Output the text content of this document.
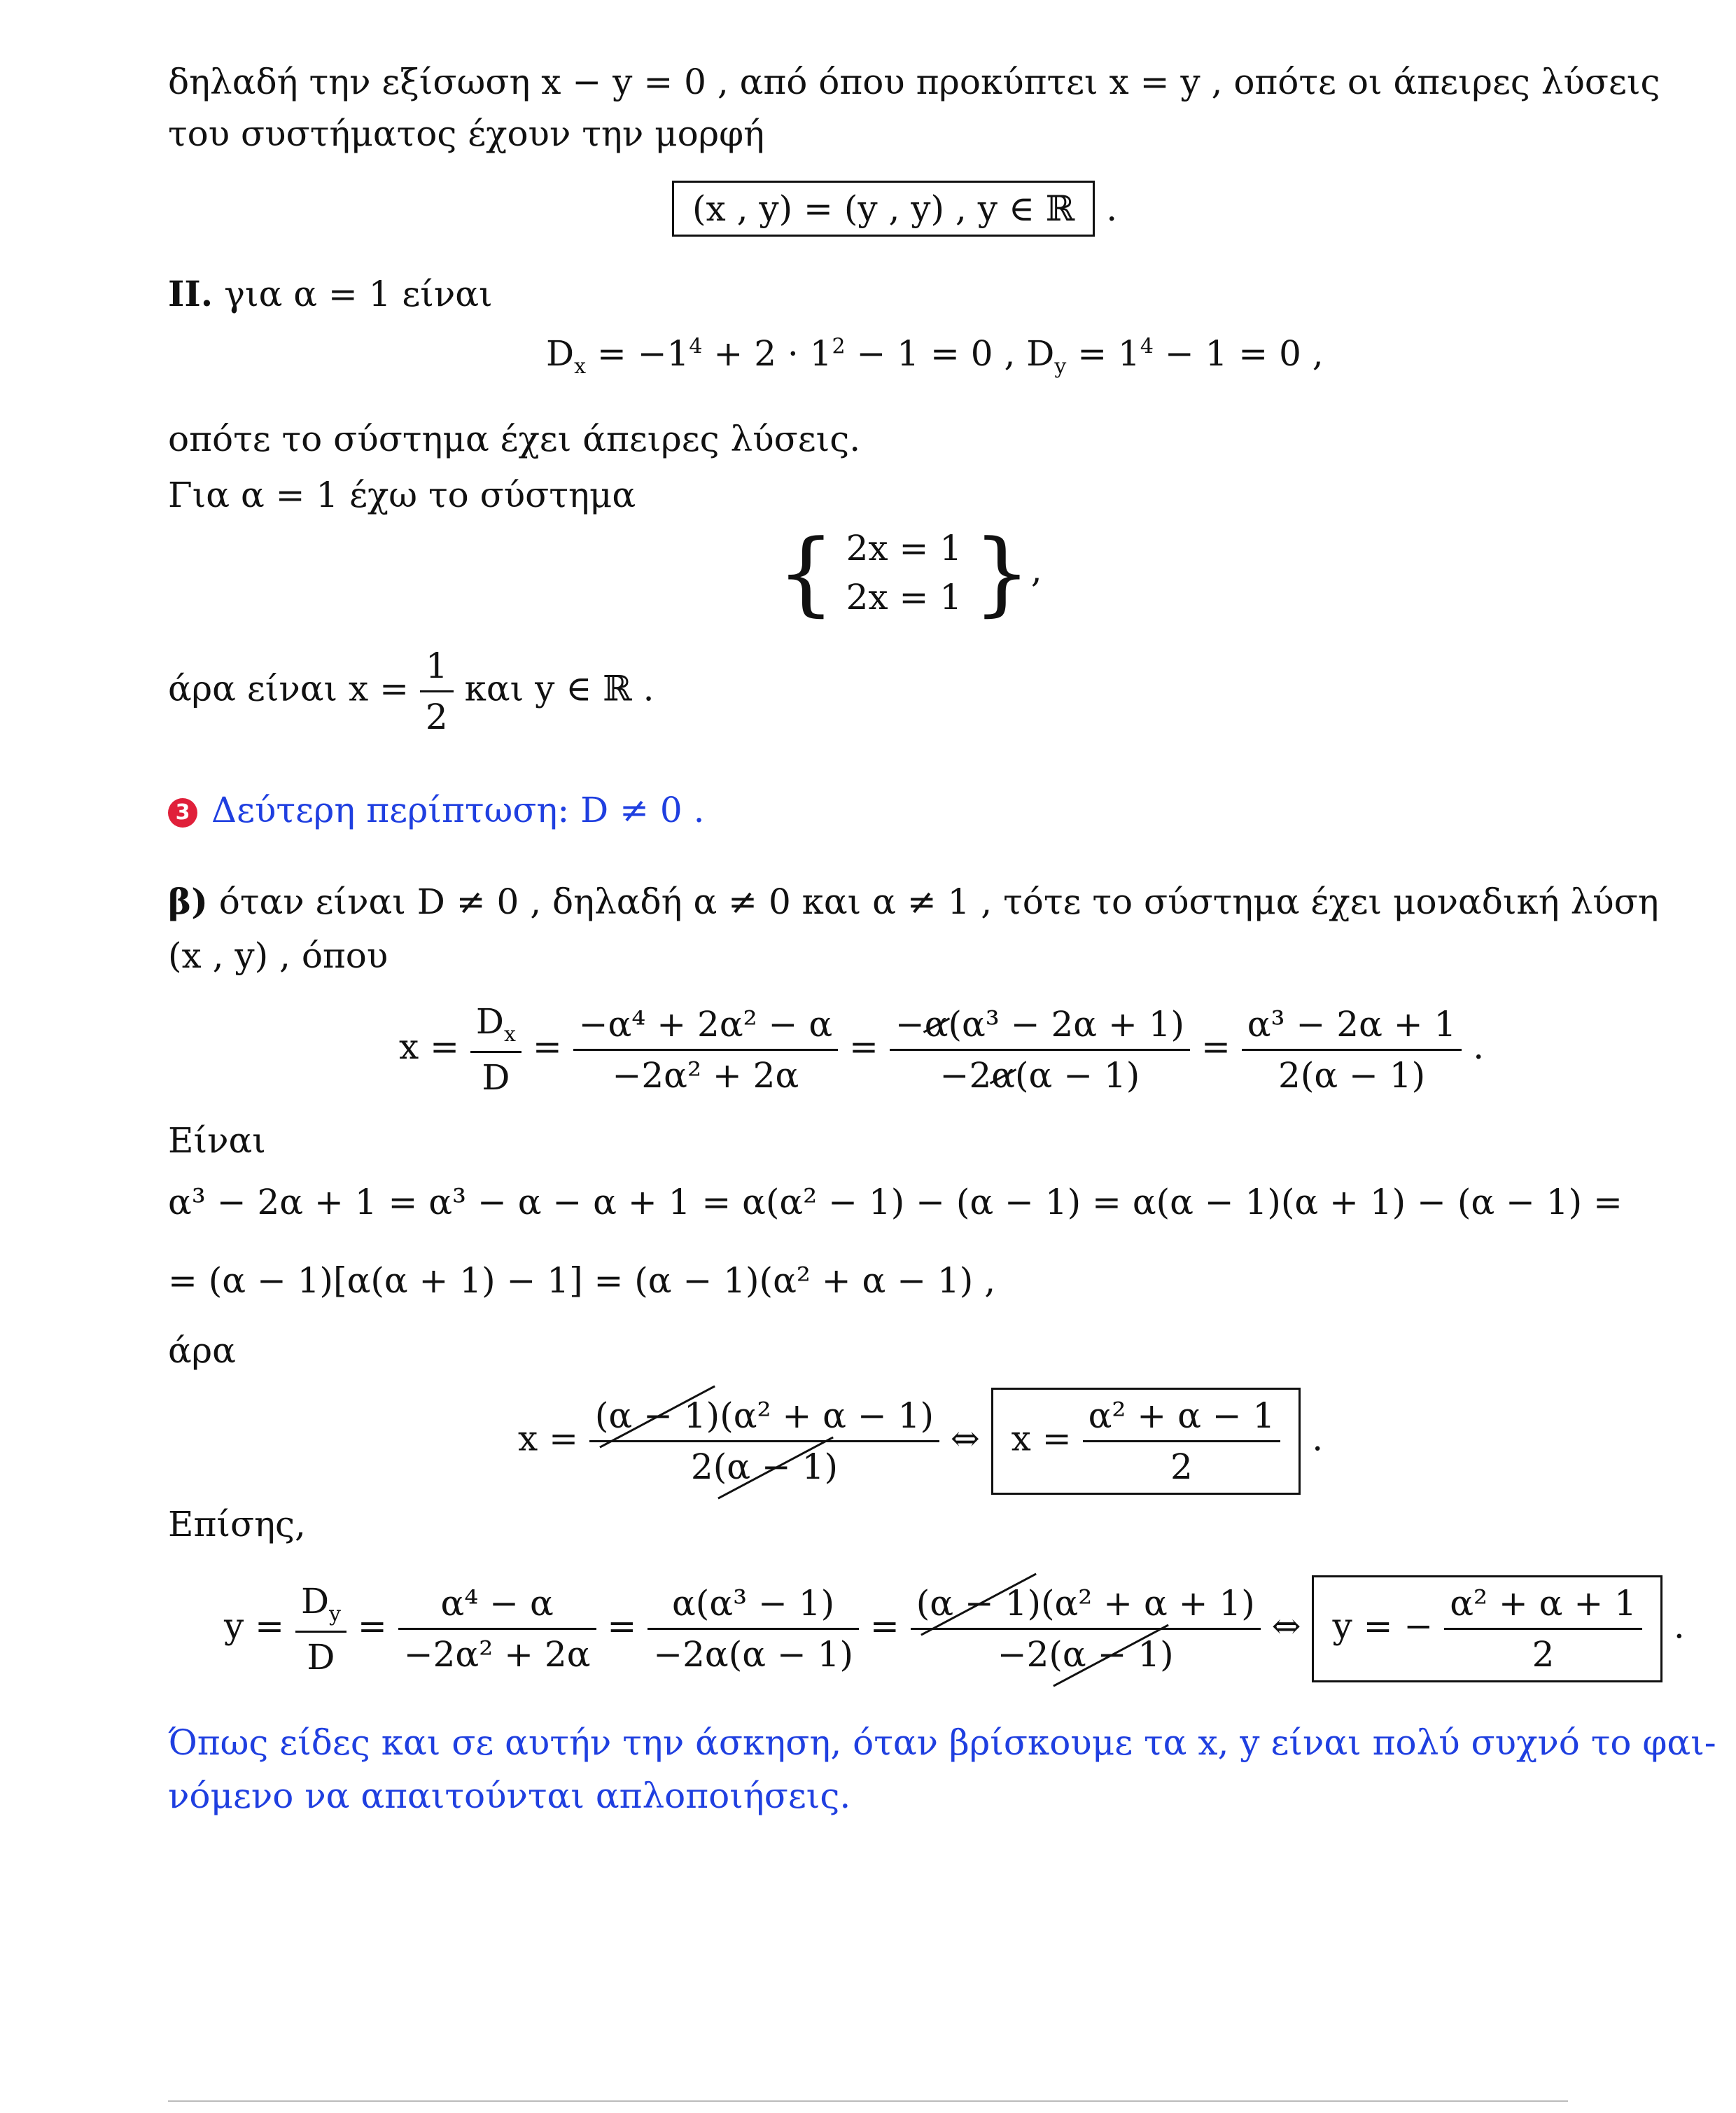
δηλαδή την εξίσωση x − y = 0 , από όπου προκύπτει x = y , οπότε οι άπειρες λύσεις
του συστήματος έχουν την μορφή
(x , y) = (y , y) , y ∈ ℝ .
ΙΙ. για α = 1 είναι
$D_x = -1^4 + 2 \cdot 1^2 - 1 = 0$ , $D_y = 1^4 - 1 = 0$ ,
οπότε το σύστημα έχει άπειρες λύσεις.
Για α = 1 έχω το σύστημα
{ 2x = 1
2x = 1 },
άρα είναι $x = \frac{1}{2}$ και y ∈ ℝ .
3 Δεύτερη περίπτωση: D ≠ 0 .
β) όταν είναι D ≠ 0 , δηλαδή α ≠ 0 και α ≠ 1 , τότε το σύστημα έχει μοναδική λύση
(x , y) , όπου
$x = \frac{D_x}{D} = \frac{\text{−α⁴ + 2α² − α}}{\text{−2α² + 2α}} = \frac{\text{−α(α³ − 2α + 1)}}{-2\alpha(\alpha - 1)} = \frac{\text{α³ − 2α + 1}}{2(\alpha - 1)}$ .
Είναι
α³ − 2α + 1 = α³ − α − α + 1 = α(α² − 1) − (α − 1) = α(α − 1)(α + 1) − (α − 1) =
= (α − 1)[α(α + 1) − 1] = (α − 1)(α² + α − 1) ,
άρα
$x = \frac{\text{(α − 1)(α² + α − 1)}}{2(\alpha - 1)}$ ⇔ $x = \frac{\text{α² + α − 1}}{2}$ .
Επίσης,
$y = \frac{D_y}{D} = \frac{\text{α⁴ − α}}{\text{−2α² + 2α}} = \frac{\text{α(α³ − 1)}}{-2\alpha(\alpha - 1)} = \frac{\text{(α − 1)(α² + α + 1)}}{-2(\alpha - 1)}$ ⇔ y = − $\frac{\text{α² + α + 1}}{2}$ .
Όπως είδες και σε αυτήν την άσκηση, όταν βρίσκουμε τα x, y είναι πολύ συχνό το φαι-
νόμενο να απαιτούνται απλοποιήσεις.
